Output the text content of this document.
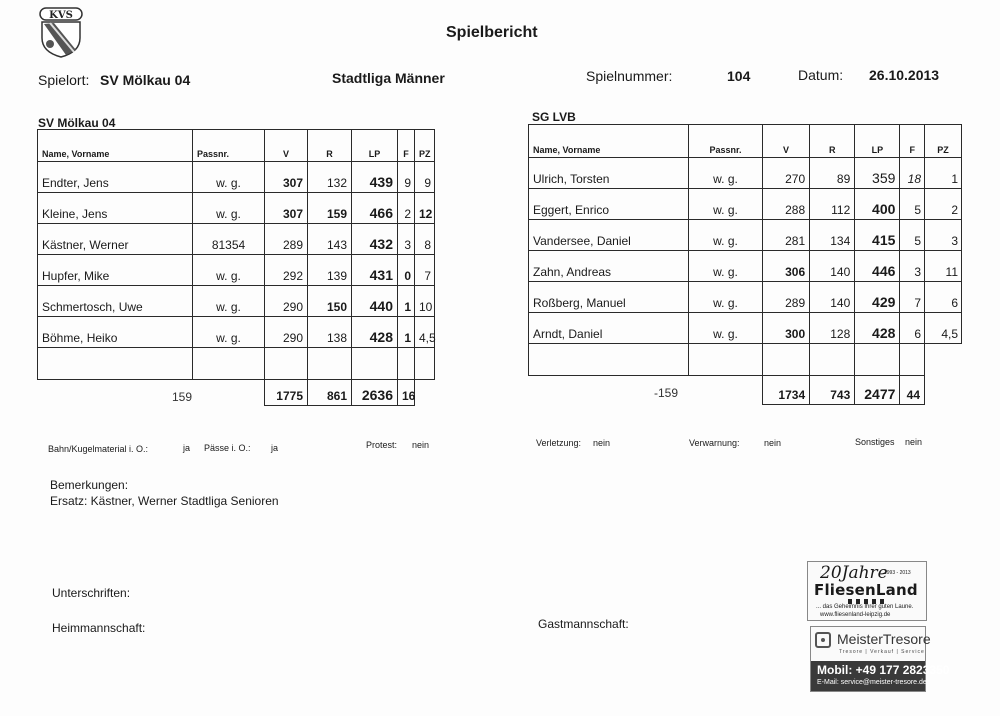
KVS
Spielbericht
Spielort: SV Mölkau 04	Stadtliga Männer	Spielnummer:	104	Datum: 26.10.2013
SV Mölkau 04	SG LVB
Name, Vorname	Passnr.	V	R	LP	F	PZ
Endter, Jens	w. g.	307	132	439	9	9
Kleine, Jens	w. g.	307	159	466	2	12
Kästner, Werner	81354	289	143	432	3	8
Hupfer, Mike	w. g.	292	139	431	0	7
Schmertosch, Uwe	w. g.	290	150	440	1	10
Böhme, Heiko	w. g.	290	138	428	1	4,5

		1775	861	2636	16	
159
Name, Vorname	Passnr.	V	R	LP	F	PZ
Ulrich, Torsten	w. g.	270	89	359	18	1
Eggert, Enrico	w. g.	288	112	400	5	2
Vandersee, Daniel	w. g.	281	134	415	5	3
Zahn, Andreas	w. g.	306	140	446	3	11
Roßberg, Manuel	w. g.	289	140	429	7	6
Arndt, Daniel	w. g.	300	128	428	6	4,5

		1734	743	2477	44	
-159
Bahn/Kugelmaterial i. O.:	ja Pässe i. O.: ja	Protest: nein	Verletzung: nein	Verwarnung:	nein	Sonstiges nein
Bemerkungen:
Ersatz: Kästner, Werner Stadtliga Senioren
Unterschriften:
Heimmannschaft:	Gastmannschaft:
20Jahre
1993 - 2013
FliesenLand
... das Geheimnis Ihrer guten Laune.
www.fliesenland-leipzig.de
MeisterTresore
Tresore | Verkauf | Service
Mobil: +49 177 2823350
E-Mail: service@meister-tresore.de
